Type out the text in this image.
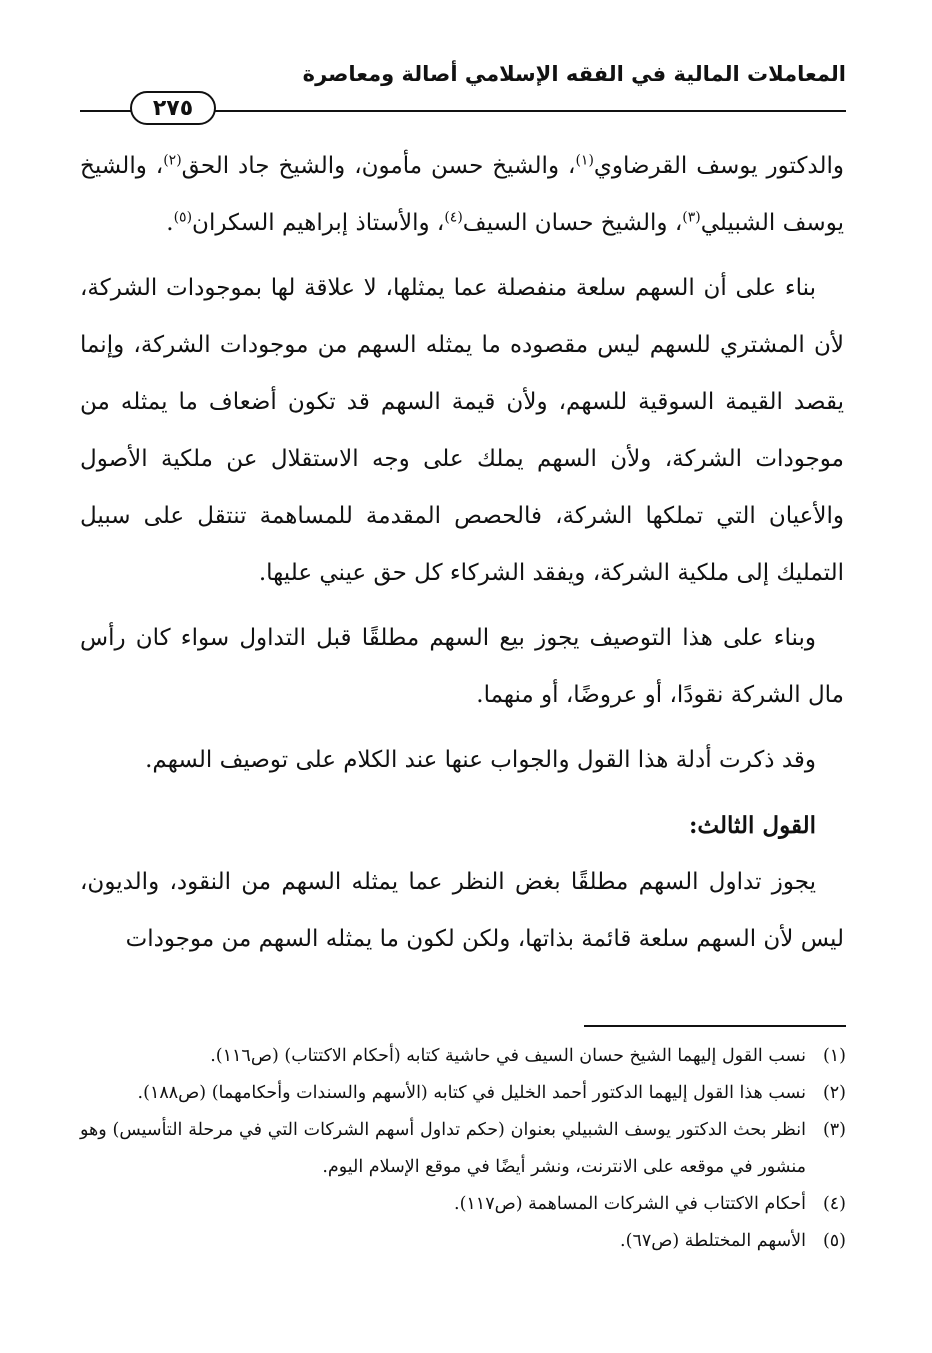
المعاملات المالية في الفقه الإسلامي أصالة ومعاصرة
٢٧٥

والدكتور يوسف القرضاوي$^{(١)}$، والشيخ حسن مأمون، والشيخ جاد الحق$^{(٢)}$، والشيخ يوسف الشبيلي$^{(٣)}$، والشيخ حسان السيف$^{(٤)}$، والأستاذ إبراهيم السكران$^{(٥)}$.

بناء على أن السهم سلعة منفصلة عما يمثلها، لا علاقة لها بموجودات الشركة، لأن المشتري للسهم ليس مقصوده ما يمثله السهم من موجودات الشركة، وإنما يقصد القيمة السوقية للسهم، ولأن قيمة السهم قد تكون أضعاف ما يمثله من موجودات الشركة، ولأن السهم يملك على وجه الاستقلال عن ملكية الأصول والأعيان التي تملكها الشركة، فالحصص المقدمة للمساهمة تنتقل على سبيل التمليك إلى ملكية الشركة، ويفقد الشركاء كل حق عيني عليها.

وبناء على هذا التوصيف يجوز بيع السهم مطلقًا قبل التداول سواء كان رأس مال الشركة نقودًا، أو عروضًا، أو منهما.

وقد ذكرت أدلة هذا القول والجواب عنها عند الكلام على توصيف السهم.

القول الثالث:

يجوز تداول السهم مطلقًا بغض النظر عما يمثله السهم من النقود، والديون، ليس لأن السهم سلعة قائمة بذاتها، ولكن لكون ما يمثله السهم من موجودات

(١)
نسب القول إليهما الشيخ حسان السيف في حاشية كتابه (أحكام الاكتتاب) (ص١١٦).
(٢)
نسب هذا القول إليهما الدكتور أحمد الخليل في كتابه (الأسهم والسندات وأحكامهما) (ص١٨٨).
(٣)
انظر بحث الدكتور يوسف الشبيلي بعنوان (حكم تداول أسهم الشركات التي في مرحلة التأسيس) وهو منشور في موقعه على الانترنت، ونشر أيضًا في موقع الإسلام اليوم.
(٤)
أحكام الاكتتاب في الشركات المساهمة (ص١١٧).
(٥)
الأسهم المختلطة (ص٦٧).
